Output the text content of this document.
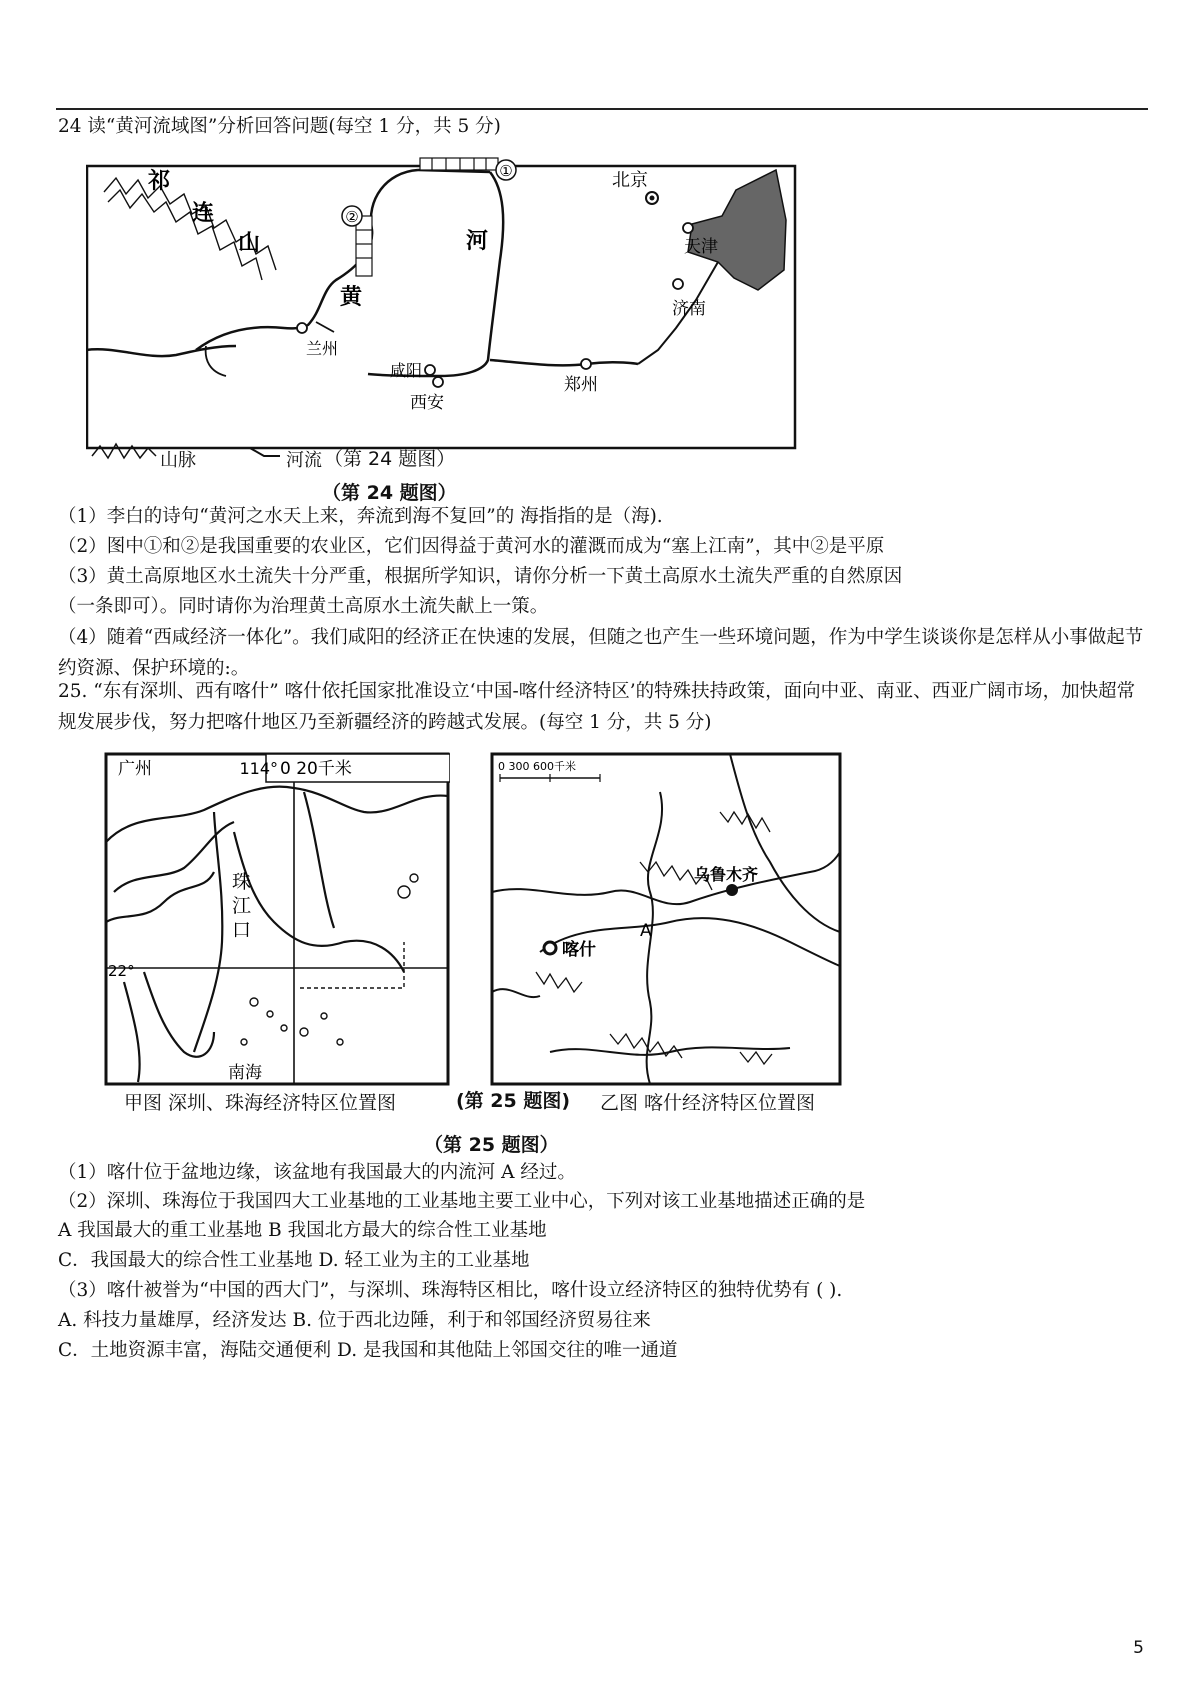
24 读“黄河流域图”分析回答问题(每空 1 分，共 5 分)
①
②
祁
连
山
北京
天津
济南
河
黄
兰州
咸阳
西安
郑州
山脉	河流 （第 24 题图）
（第 24 题图）
（1）李白的诗句“黄河之水天上来，奔流到海不复回”的 海指指的是（海).
（2）图中①和②是我国重要的农业区，它们因得益于黄河水的灌溉而成为“塞上江南”，其中②是平原
（3）黄土高原地区水土流失十分严重，根据所学知识，请你分析一下黄土高原水土流失严重的自然原因
（一条即可）。同时请你为治理黄土高原水土流失献上一策。
（4）随着“西咸经济一体化”。我们咸阳的经济正在快速的发展，但随之也产生一些环境问题，作为中学生谈谈你是怎样从小事做起节约资源、保护环境的:。
25. “东有深圳、西有喀什” 喀什依托国家批准设立‘中国-喀什经济特区’的特殊扶持政策，面向中亚、南亚、西亚广阔市场，加快超常规发展步伐，努力把喀什地区乃至新疆经济的跨越式发展。(每空 1 分，共 5 分)
广州	114° 0 20千米
珠
江
口
22°
南海
0 300 600千米
乌鲁木齐
喀什
A
甲图 深圳、珠海经济特区位置图	(第 25 题图) 乙图 喀什经济特区位置图
（第 25 题图）
（1）喀什位于盆地边缘，该盆地有我国最大的内流河 A 经过。
（2）深圳、珠海位于我国四大工业基地的工业基地主要工业中心，下列对该工业基地描述正确的是
A 我国最大的重工业基地 B 我国北方最大的综合性工业基地
C．我国最大的综合性工业基地 D. 轻工业为主的工业基地
（3）喀什被誉为“中国的西大门”，与深圳、珠海特区相比，喀什设立经济特区的独特优势有 ( ).
A. 科技力量雄厚，经济发达 B. 位于西北边陲，利于和邻国经济贸易往来
C．土地资源丰富，海陆交通便利 D. 是我国和其他陆上邻国交往的唯一通道
5
